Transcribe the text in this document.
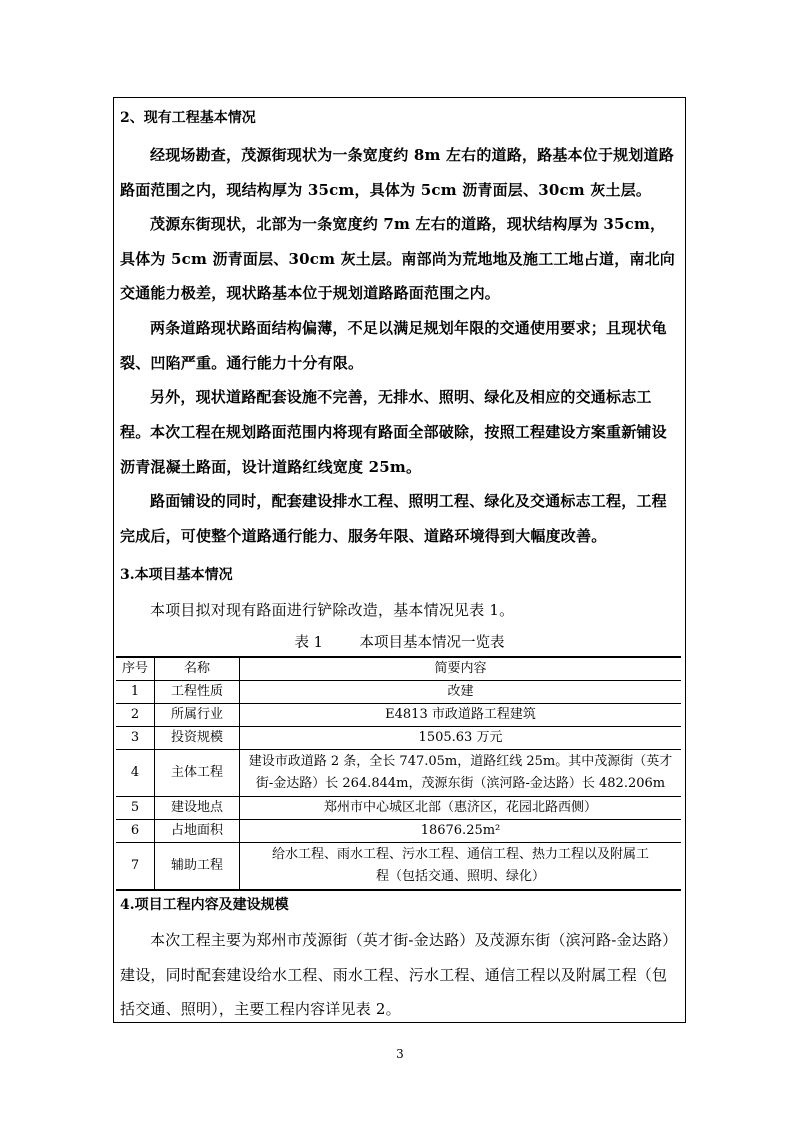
2、现有工程基本情况
经现场勘查，茂源街现状为一条宽度约 8m 左右的道路，路基本位于规划道路路面范围之内，现结构厚为 35cm，具体为 5cm 沥青面层、30cm 灰土层。
茂源东街现状，北部为一条宽度约 7m 左右的道路，现状结构厚为 35cm，具体为 5cm 沥青面层、30cm 灰土层。南部尚为荒地地及施工工地占道，南北向交通能力极差，现状路基本位于规划道路路面范围之内。
两条道路现状路面结构偏薄，不足以满足规划年限的交通使用要求；且现状龟裂、凹陷严重。通行能力十分有限。
另外，现状道路配套设施不完善，无排水、照明、绿化及相应的交通标志工程。 本次工程在规划路面范围内将现有路面全部破除，按照工程建设方案重新铺设沥青混凝土路面，设计道路红线宽度 25m。
路面铺设的同时，配套建设排水工程、照明工程、绿化及交通标志工程，工程完成后，可使整个道路通行能力、服务年限、道路环境得到大幅度改善。
3.本项目基本情况
本项目拟对现有路面进行铲除改造，基本情况见表 1。
表 1	本项目基本情况一览表
序号	名称	简要内容
1	工程性质	改建
2	所属行业	E4813 市政道路工程建筑
3	投资规模	1505.63 万元
4	主体工程	建设市政道路 2 条，全长 747.05m，道路红线 25m。其中茂源街（英才街-金达路）长 264.844m，茂源东街（滨河路-金达路）长 482.206m
5	建设地点	郑州市中心城区北部（惠济区，花园北路西侧）
6	占地面积	18676.25m²
7	辅助工程	给水工程、雨水工程、污水工程、通信工程、热力工程以及附属工程（包括交通、照明、绿化）
4.项目工程内容及建设规模
本次工程主要为郑州市茂源街（英才街-金达路）及茂源东街（滨河路-金达路）建设，同时配套建设给水工程、雨水工程、污水工程、通信工程以及附属工程（包括交通、照明），主要工程内容详见表 2。
3
